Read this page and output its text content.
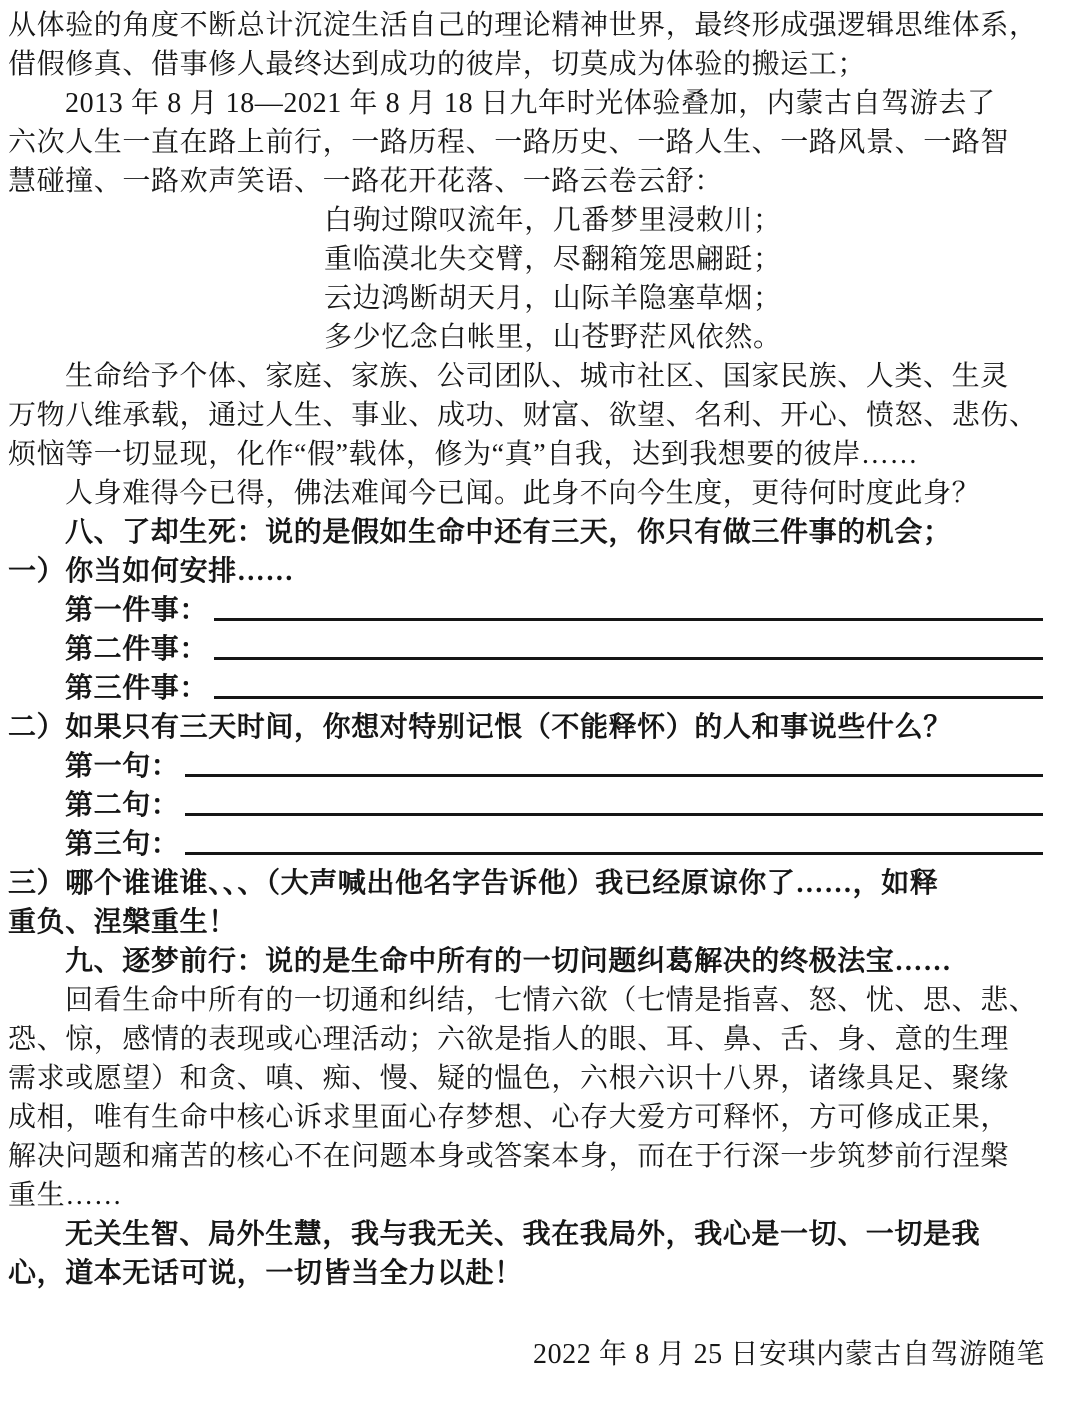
从体验的角度不断总计沉淀生活自己的理论精神世界，最终形成强逻辑思维体系，

借假修真、借事修人最终达到成功的彼岸，切莫成为体验的搬运工；

2013 年 8 月 18—2021 年 8 月 18 日九年时光体验叠加，内蒙古自驾游去了

六次人生一直在路上前行，一路历程、一路历史、一路人生、一路风景、一路智

慧碰撞、一路欢声笑语、一路花开花落、一路云卷云舒：

白驹过隙叹流年，几番梦里浸敕川；

重临漠北失交臂，尽翻箱笼思翩跹；

云边鸿断胡天月，山际羊隐塞草烟；

多少忆念白帐里，山苍野茫风依然。

生命给予个体、家庭、家族、公司团队、城市社区、国家民族、人类、生灵

万物八维承载，通过人生、事业、成功、财富、欲望、名利、开心、愤怒、悲伤、

烦恼等一切显现，化作“假”载体，修为“真”自我，达到我想要的彼岸……

人身难得今已得，佛法难闻今已闻。此身不向今生度，更待何时度此身？

八、了却生死：说的是假如生命中还有三天，你只有做三件事的机会；

一）你当如何安排……

第一件事：
第二件事：
第三件事：

二）如果只有三天时间，你想对特别记恨（不能释怀）的人和事说些什么？

第一句：
第二句：
第三句：

三）哪个谁谁谁、、、（大声喊出他名字告诉他）我已经原谅你了……，如释

重负、涅槃重生！

九、逐梦前行：说的是生命中所有的一切问题纠葛解决的终极法宝……

回看生命中所有的一切通和纠结，七情六欲（七情是指喜、怒、忧、思、悲、

恐、惊，感情的表现或心理活动；六欲是指人的眼、耳、鼻、舌、身、意的生理

需求或愿望）和贪、嗔、痴、慢、疑的愠色，六根六识十八界，诸缘具足、聚缘

成相，唯有生命中核心诉求里面心存梦想、心存大爱方可释怀，方可修成正果，

解决问题和痛苦的核心不在问题本身或答案本身，而在于行深一步筑梦前行涅槃

重生……

无关生智、局外生慧，我与我无关、我在我局外，我心是一切、一切是我

心，道本无话可说，一切皆当全力以赴！

2022 年 8 月 25 日安琪内蒙古自驾游随笔
